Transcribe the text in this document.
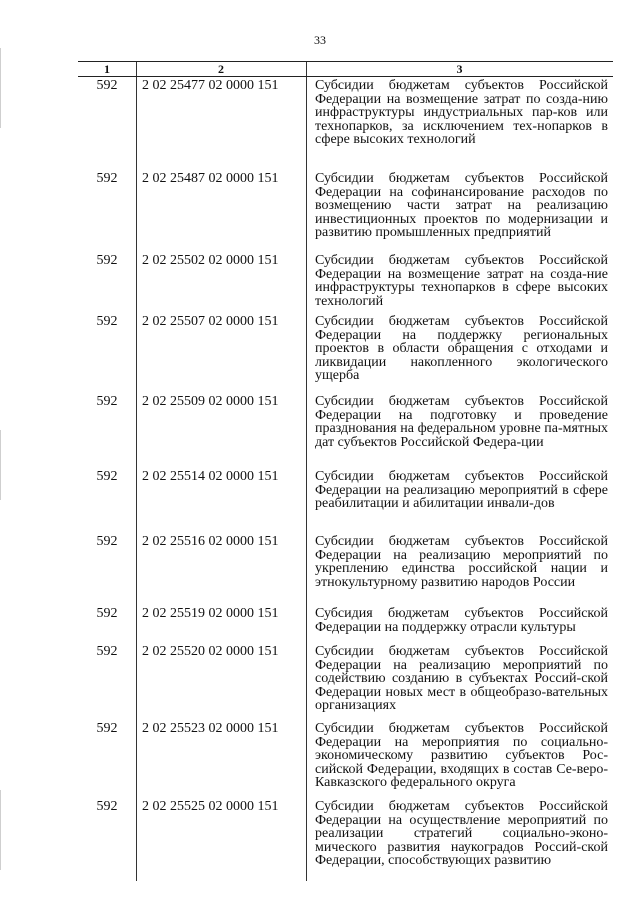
33
1	2	3
592	2 02 25477 02 0000 151	Субсидии бюджетам субъектов Российской Федерации на возмещение затрат по созда-нию инфраструктуры индустриальных пар-ков или технопарков, за исключением тех-нопарков в сфере высоких технологий
592	2 02 25487 02 0000 151	Субсидии бюджетам субъектов Российской Федерации на софинансирование расходов по возмещению части затрат на реализацию инвестиционных проектов по модернизации и развитию промышленных предприятий
592	2 02 25502 02 0000 151	Субсидии бюджетам субъектов Российской Федерации на возмещение затрат на созда-ние инфраструктуры технопарков в сфере высоких технологий
592	2 02 25507 02 0000 151	Субсидии бюджетам субъектов Российской Федерации на поддержку региональных проектов в области обращения с отходами и ликвидации накопленного экологического ущерба
592	2 02 25509 02 0000 151	Субсидии бюджетам субъектов Российской Федерации на подготовку и проведение празднования на федеральном уровне па-мятных дат субъектов Российской Федера-ции
592	2 02 25514 02 0000 151	Субсидии бюджетам субъектов Российской Федерации на реализацию мероприятий в сфере реабилитации и абилитации инвали-дов
592	2 02 25516 02 0000 151	Субсидии бюджетам субъектов Российской Федерации на реализацию мероприятий по укреплению единства российской нации и этнокультурному развитию народов России
592	2 02 25519 02 0000 151	Субсидия бюджетам субъектов Российской Федерации на поддержку отрасли культуры
592	2 02 25520 02 0000 151	Субсидии бюджетам субъектов Российской Федерации на реализацию мероприятий по содействию созданию в субъектах Россий-ской Федерации новых мест в общеобразо-вательных организациях
592	2 02 25523 02 0000 151	Субсидии бюджетам субъектов Российской Федерации на мероприятия по социально-экономическому развитию субъектов Рос-сийской Федерации, входящих в состав Се-веро-Кавказского федерального округа
592	2 02 25525 02 0000 151	Субсидии бюджетам субъектов Российской Федерации на осуществление мероприятий по реализации стратегий социально-эконо-мического развития наукоградов Россий-ской Федерации, способствующих развитию
